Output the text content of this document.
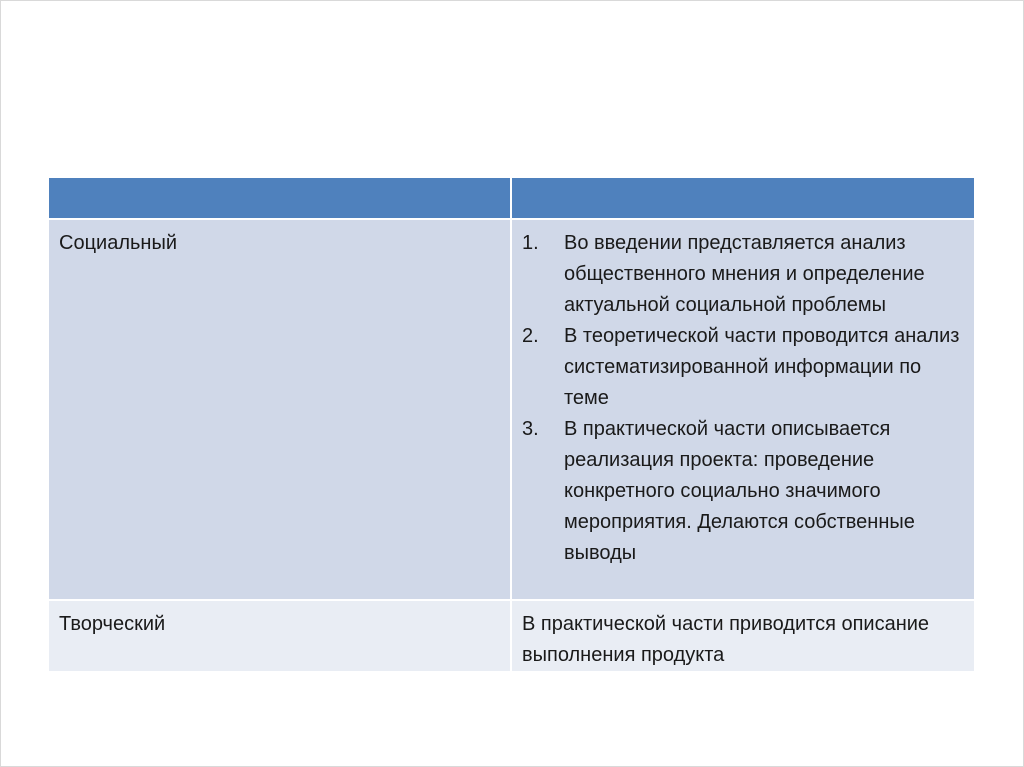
Социальный	1. Во введении представляется анализ общественного мнения и определение актуальной социальной проблемы
2. В теоретической части проводится анализ систематизированной информации по теме
3. В практической части описывается реализация проекта: проведение конкретного социально значимого мероприятия. Делаются собственные выводы
Творческий	В практической части приводится описание выполнения продукта
